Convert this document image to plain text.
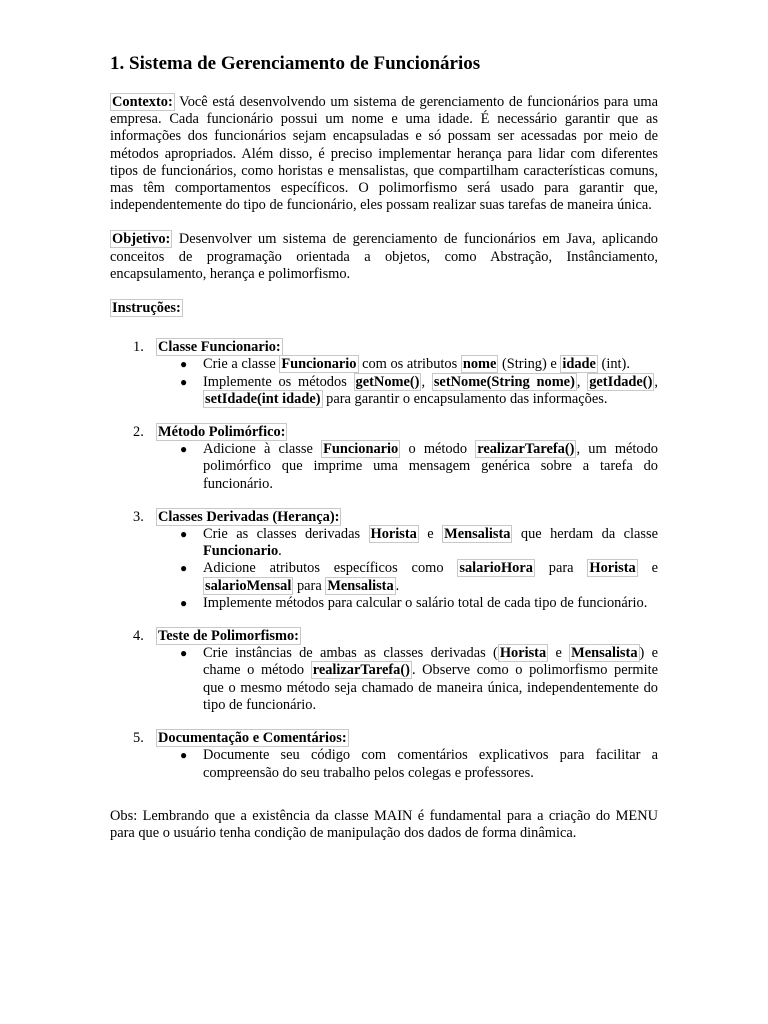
1. Sistema de Gerenciamento de Funcionários

Contexto: Você está desenvolvendo um sistema de gerenciamento de funcionários para uma empresa. Cada funcionário possui um nome e uma idade. É necessário garantir que as informações dos funcionários sejam encapsuladas e só possam ser acessadas por meio de métodos apropriados. Além disso, é preciso implementar herança para lidar com diferentes tipos de funcionários, como horistas e mensalistas, que compartilham características comuns, mas têm comportamentos específicos. O polimorfismo será usado para garantir que, independentemente do tipo de funcionário, eles possam realizar suas tarefas de maneira única.

Objetivo: Desenvolver um sistema de gerenciamento de funcionários em Java, aplicando conceitos de programação orientada a objetos, como Abstração, Instânciamento, encapsulamento, herança e polimorfismo.

Instruções:

1. Classe Funcionario:
● Crie a classe Funcionario com os atributos nome (String) e idade (int).
● Implemente os métodos getNome() , setNome(String nome) , getIdade() , setIdade(int idade) para garantir o encapsulamento das informações.
2. Método Polimórfico:
● Adicione à classe Funcionario o método realizarTarefa() , um método polimórfico que imprime uma mensagem genérica sobre a tarefa do funcionário.
3. Classes Derivadas (Herança):
● Crie as classes derivadas Horista e Mensalista que herdam da classe Funcionario.
● Adicione atributos específicos como salarioHora para Horista e salarioMensal para Mensalista .
● Implemente métodos para calcular o salário total de cada tipo de funcionário.
4. Teste de Polimorfismo:
● Crie instâncias de ambas as classes derivadas ( Horista e Mensalista ) e chame o método realizarTarefa() . Observe como o polimorfismo permite que o mesmo método seja chamado de maneira única, independentemente do tipo de funcionário.
5. Documentação e Comentários:
● Documente seu código com comentários explicativos para facilitar a compreensão do seu trabalho pelos colegas e professores.

Obs: Lembrando que a existência da classe MAIN é fundamental para a criação do MENU para que o usuário tenha condição de manipulação dos dados de forma dinâmica.
